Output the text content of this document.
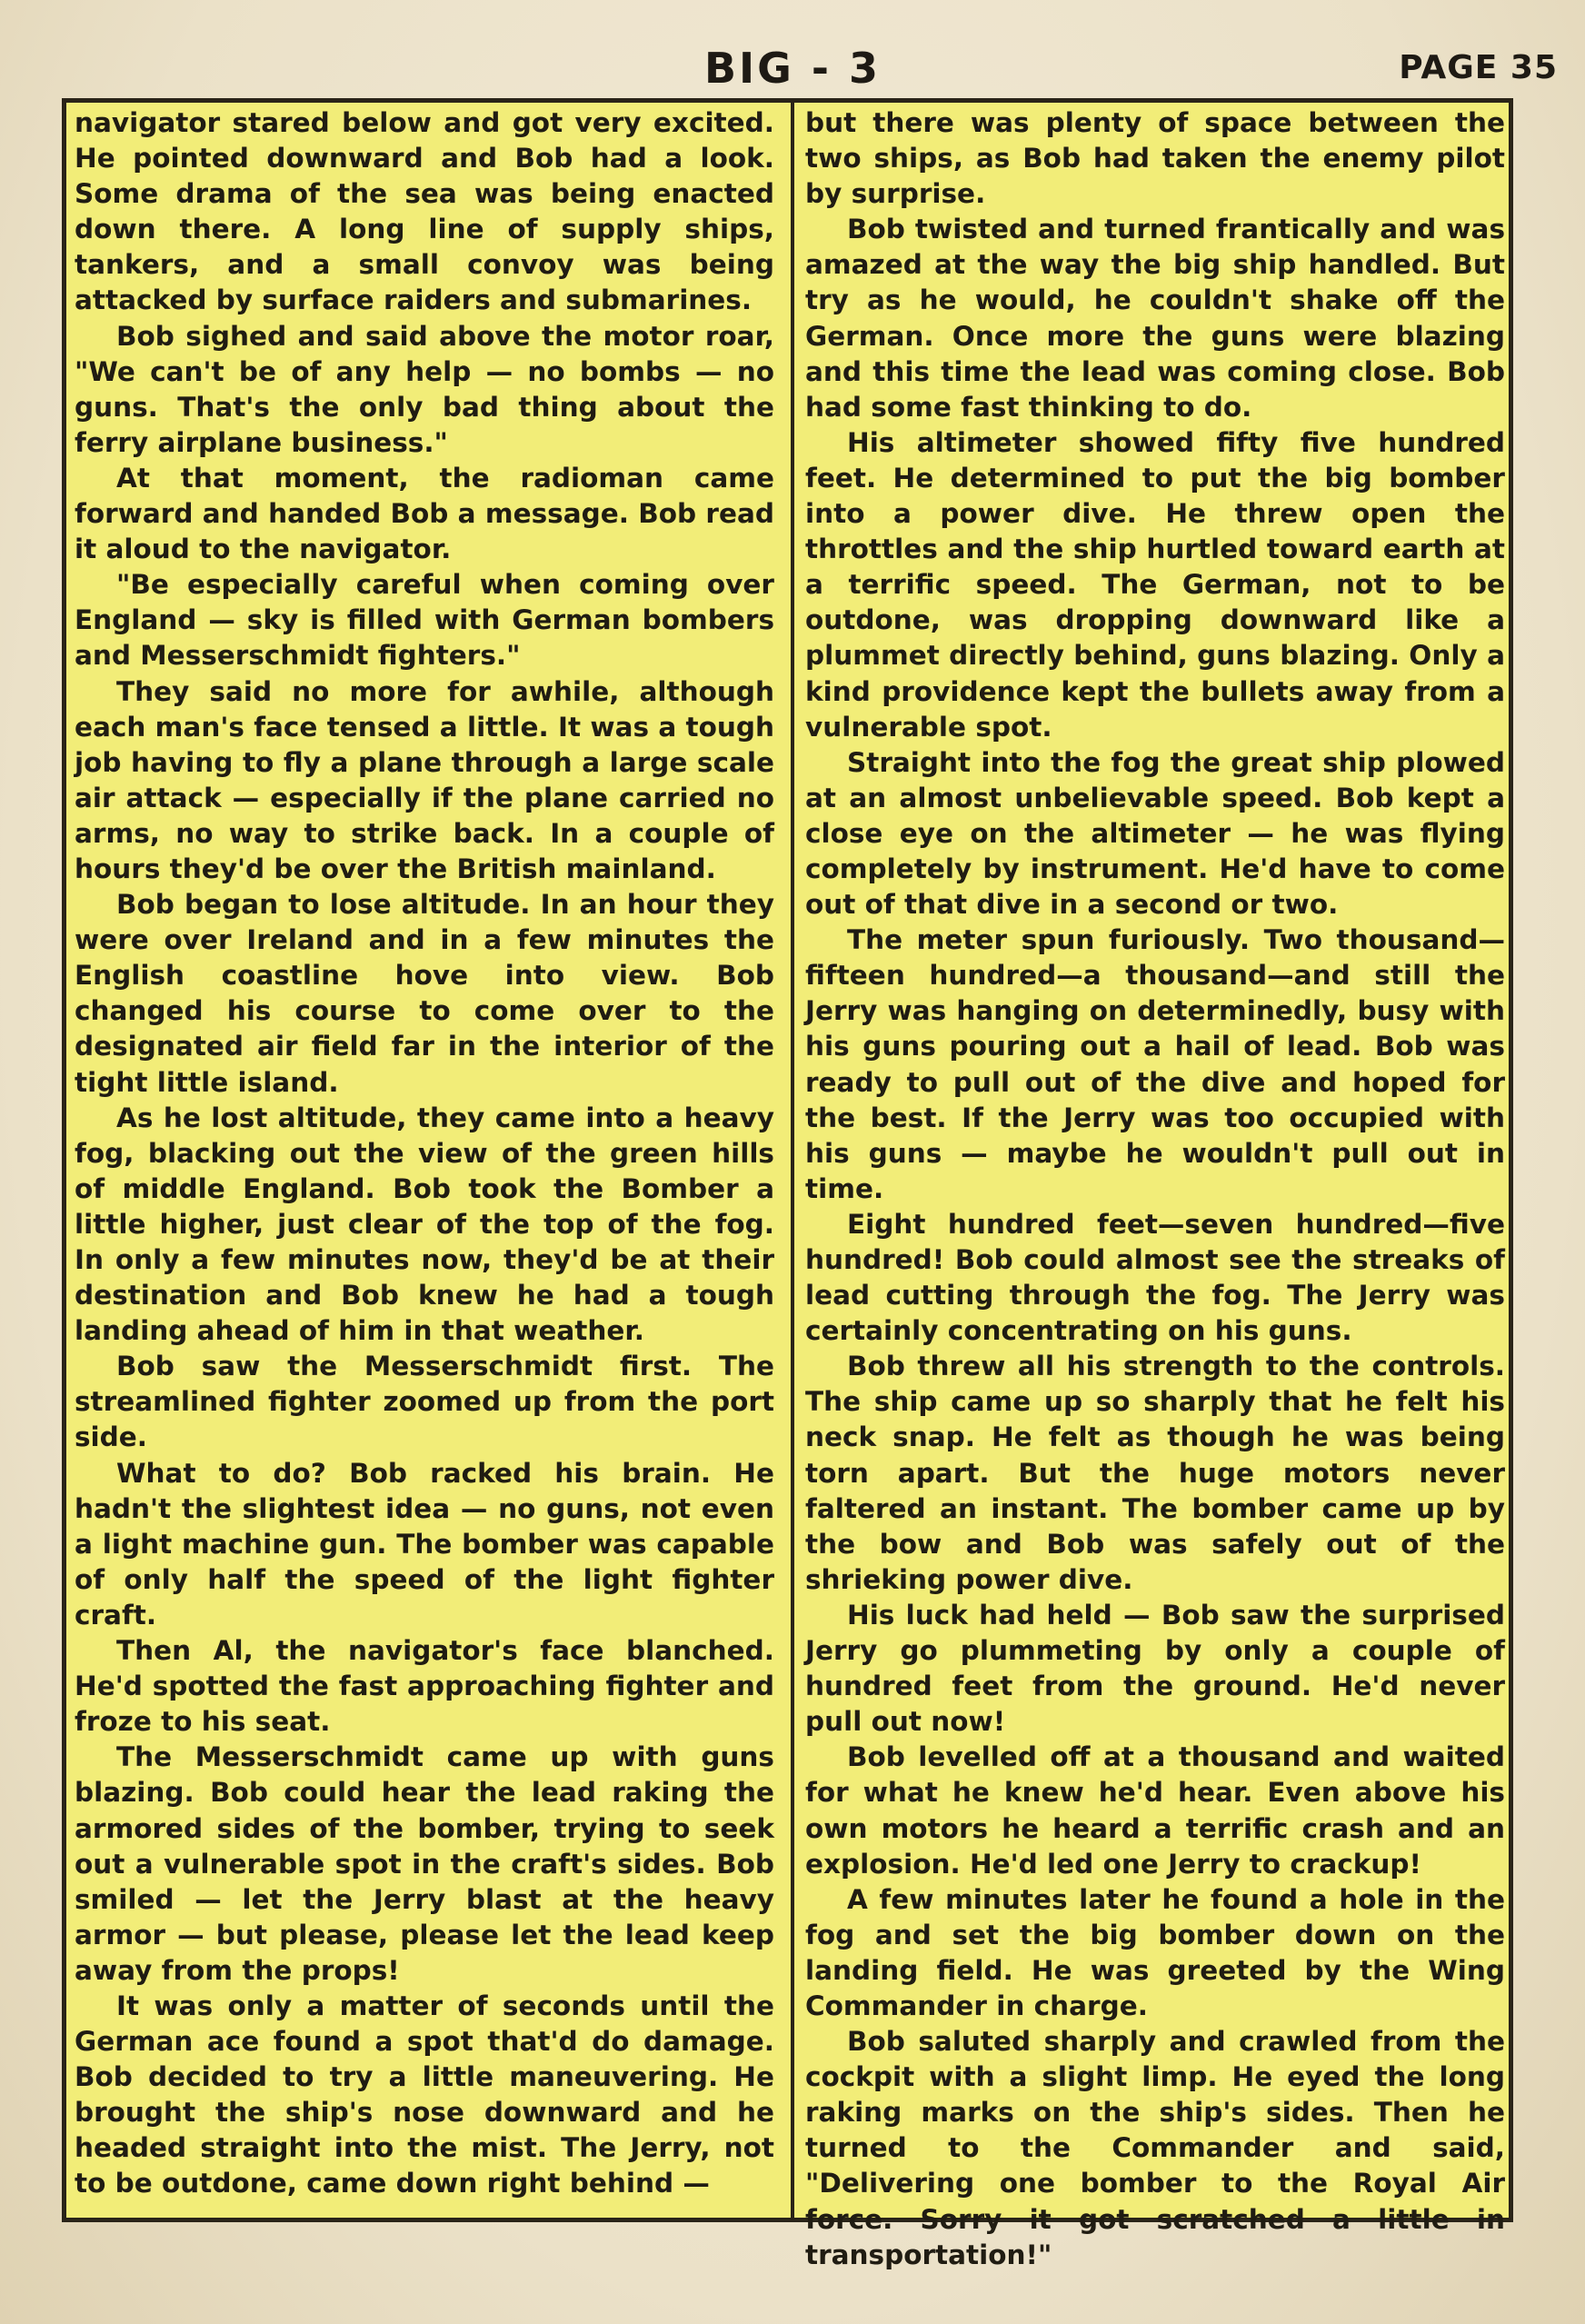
BIG - 3	PAGE 35

navigator stared below and got very excited. He pointed downward and Bob had a look. Some drama of the sea was being enacted down there. A long line of supply ships, tankers, and a small convoy was being attacked by surface raiders and submarines.

Bob sighed and said above the motor roar, "We can't be of any help — no bombs — no guns. That's the only bad thing about the ferry airplane business."

At that moment, the radioman came forward and handed Bob a message. Bob read it aloud to the navigator.

"Be especially careful when coming over England — sky is filled with German bombers and Messerschmidt fighters."

They said no more for awhile, although each man's face tensed a little. It was a tough job having to fly a plane through a large scale air attack — especially if the plane carried no arms, no way to strike back. In a couple of hours they'd be over the British mainland.

Bob began to lose altitude. In an hour they were over Ireland and in a few minutes the English coastline hove into view. Bob changed his course to come over to the designated air field far in the interior of the tight little island.

As he lost altitude, they came into a heavy fog, blacking out the view of the green hills of middle England. Bob took the Bomber a little higher, just clear of the top of the fog. In only a few minutes now, they'd be at their destination and Bob knew he had a tough landing ahead of him in that weather.

Bob saw the Messerschmidt first. The streamlined fighter zoomed up from the port side.

What to do? Bob racked his brain. He hadn't the slightest idea — no guns, not even a light machine gun. The bomber was capable of only half the speed of the light fighter craft.

Then Al, the navigator's face blanched. He'd spotted the fast approaching fighter and froze to his seat.

The Messerschmidt came up with guns blazing. Bob could hear the lead raking the armored sides of the bomber, trying to seek out a vulnerable spot in the craft's sides. Bob smiled — let the Jerry blast at the heavy armor — but please, please let the lead keep away from the props!

It was only a matter of seconds until the German ace found a spot that'd do damage. Bob decided to try a little maneuvering. He brought the ship's nose downward and he headed straight into the mist. The Jerry, not to be outdone, came down right behind —

but there was plenty of space between the two ships, as Bob had taken the enemy pilot by surprise.

Bob twisted and turned frantically and was amazed at the way the big ship handled. But try as he would, he couldn't shake off the German. Once more the guns were blazing and this time the lead was coming close. Bob had some fast thinking to do.

His altimeter showed fifty five hundred feet. He determined to put the big bomber into a power dive. He threw open the throttles and the ship hurtled toward earth at a terrific speed. The German, not to be outdone, was dropping downward like a plummet directly behind, guns blazing. Only a kind providence kept the bullets away from a vulnerable spot.

Straight into the fog the great ship plowed at an almost unbelievable speed. Bob kept a close eye on the altimeter — he was flying completely by instrument. He'd have to come out of that dive in a second or two.

The meter spun furiously. Two thousand—fifteen hundred—a thousand—and still the Jerry was hanging on determinedly, busy with his guns pouring out a hail of lead. Bob was ready to pull out of the dive and hoped for the best. If the Jerry was too occupied with his guns — maybe he wouldn't pull out in time.

Eight hundred feet—seven hundred—five hundred! Bob could almost see the streaks of lead cutting through the fog. The Jerry was certainly concentrating on his guns.

Bob threw all his strength to the controls. The ship came up so sharply that he felt his neck snap. He felt as though he was being torn apart. But the huge motors never faltered an instant. The bomber came up by the bow and Bob was safely out of the shrieking power dive.

His luck had held — Bob saw the surprised Jerry go plummeting by only a couple of hundred feet from the ground. He'd never pull out now!

Bob levelled off at a thousand and waited for what he knew he'd hear. Even above his own motors he heard a terrific crash and an explosion. He'd led one Jerry to crackup!

A few minutes later he found a hole in the fog and set the big bomber down on the landing field. He was greeted by the Wing Commander in charge.

Bob saluted sharply and crawled from the cockpit with a slight limp. He eyed the long raking marks on the ship's sides. Then he turned to the Commander and said, "Delivering one bomber to the Royal Air force. Sorry it got scratched a little in transportation!"
